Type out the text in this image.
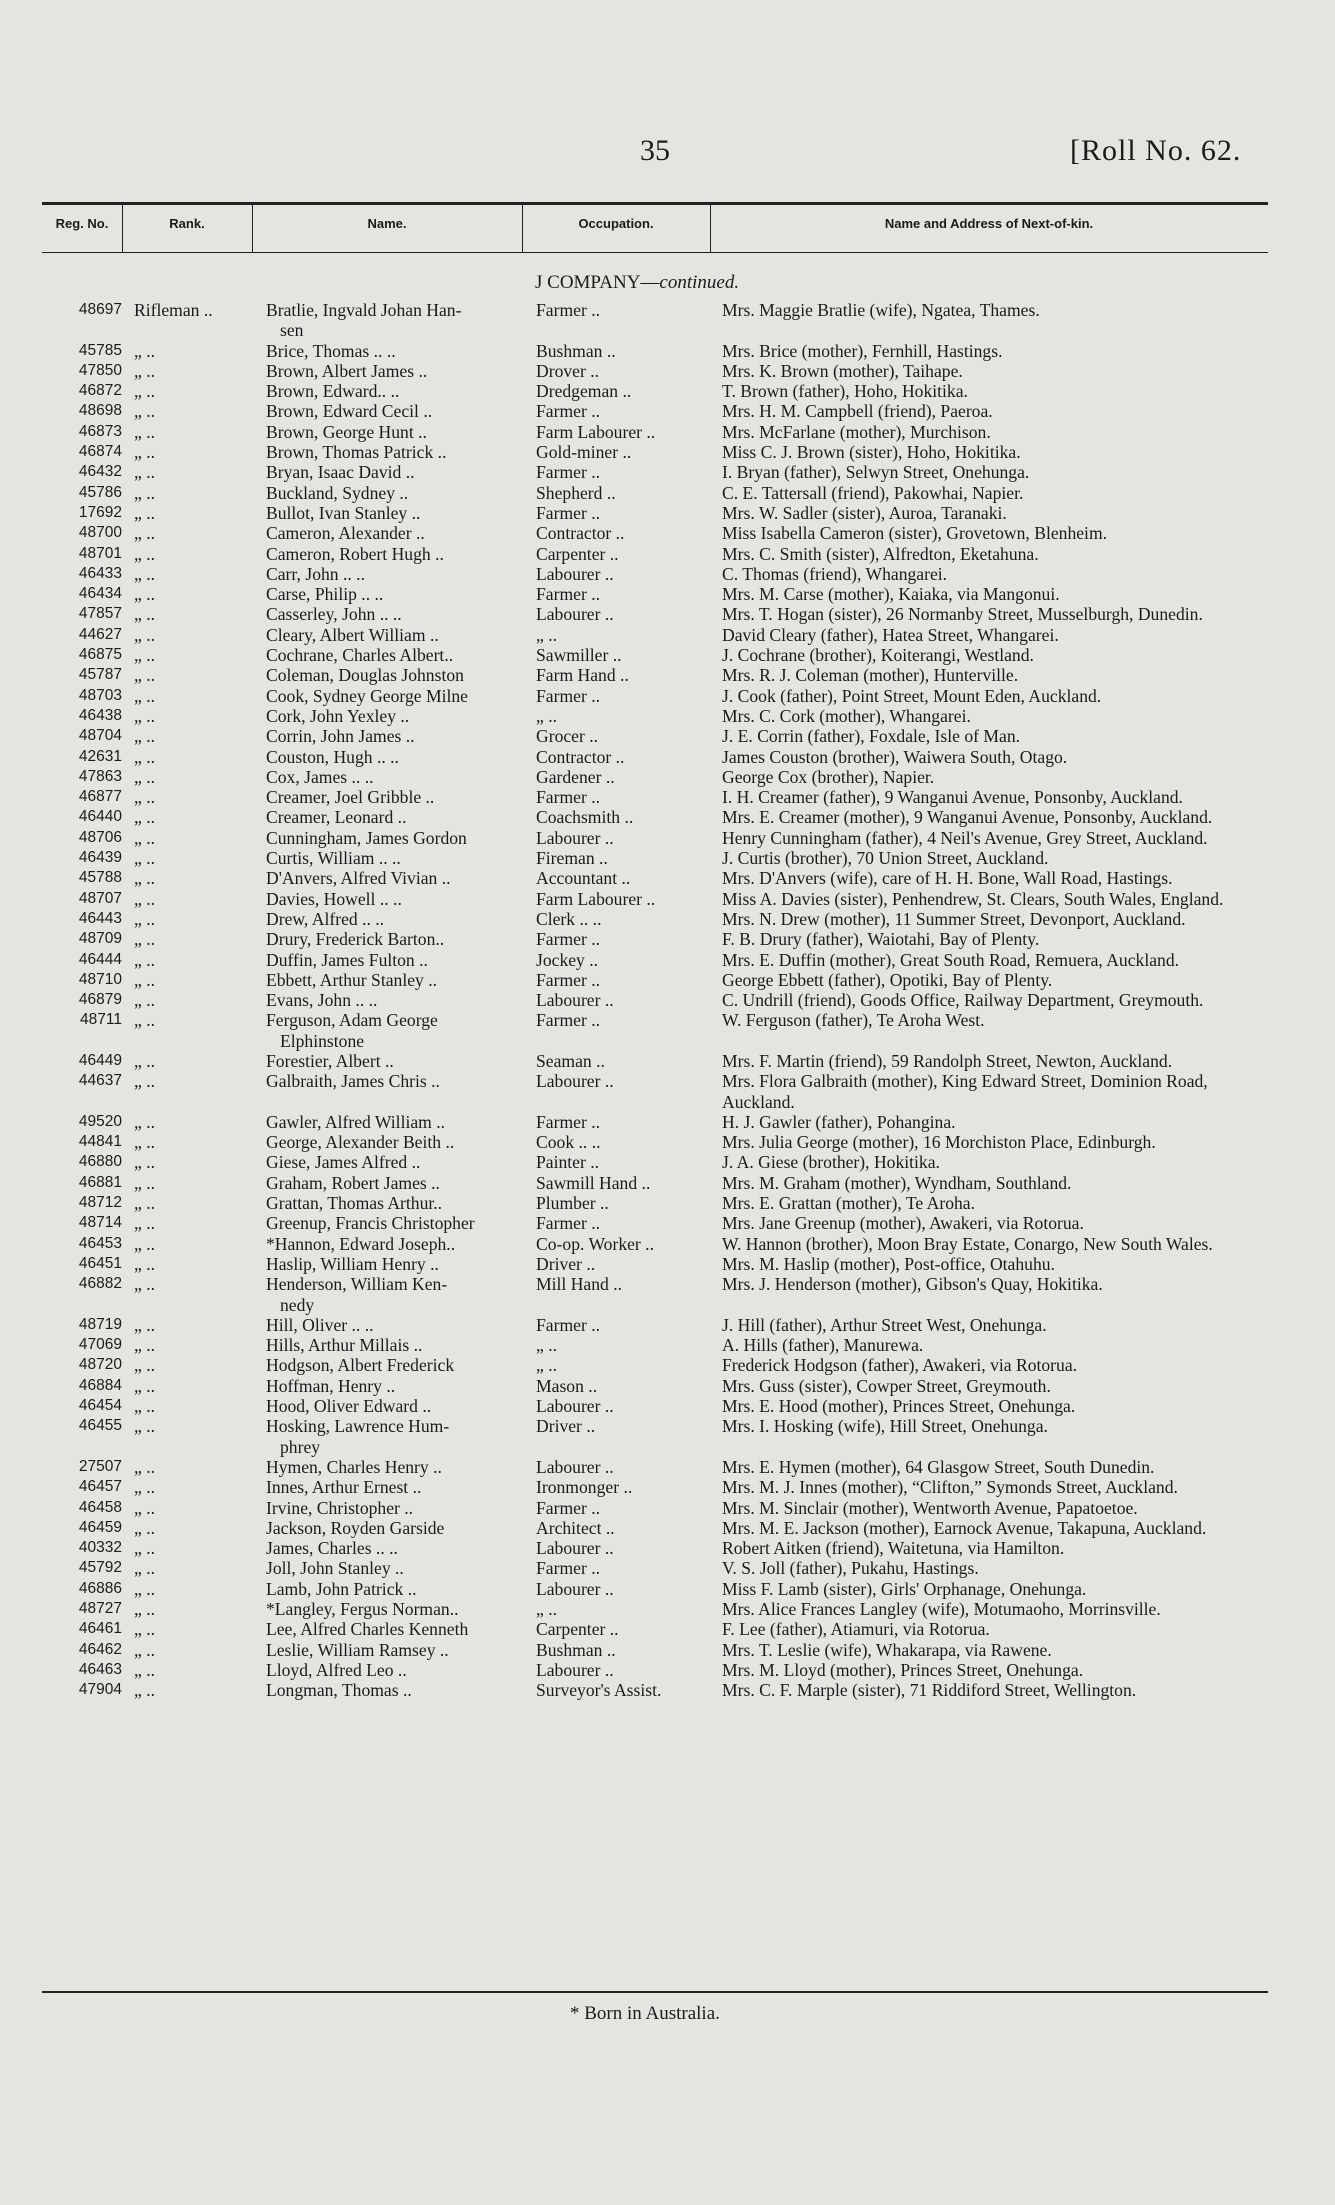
35	[Roll No. 62.
Reg. No.	Rank.	Name.	Occupation.	Name and Address of Next-of-kin.
J COMPANY—continued.
48697 Rifleman ..	Bratlie, Ingvald Johan Han-	Farmer ..	Mrs. Maggie Bratlie (wife), Ngatea, Thames.
sen
45785 „ ..	Brice, Thomas .. ..	Bushman ..	Mrs. Brice (mother), Fernhill, Hastings.
47850 „ ..	Brown, Albert James ..	Drover ..	Mrs. K. Brown (mother), Taihape.
46872 „ ..	Brown, Edward.. ..	Dredgeman ..	T. Brown (father), Hoho, Hokitika.
48698 „ ..	Brown, Edward Cecil ..	Farmer ..	Mrs. H. M. Campbell (friend), Paeroa.
46873 „ ..	Brown, George Hunt ..	Farm Labourer ..	Mrs. McFarlane (mother), Murchison.
46874 „ ..	Brown, Thomas Patrick ..	Gold-miner ..	Miss C. J. Brown (sister), Hoho, Hokitika.
46432 „ ..	Bryan, Isaac David ..	Farmer ..	I. Bryan (father), Selwyn Street, Onehunga.
45786 „ ..	Buckland, Sydney ..	Shepherd ..	C. E. Tattersall (friend), Pakowhai, Napier.
17692 „ ..	Bullot, Ivan Stanley ..	Farmer ..	Mrs. W. Sadler (sister), Auroa, Taranaki.
48700 „ ..	Cameron, Alexander ..	Contractor ..	Miss Isabella Cameron (sister), Grovetown, Blenheim.
48701 „ ..	Cameron, Robert Hugh ..	Carpenter ..	Mrs. C. Smith (sister), Alfredton, Eketahuna.
46433 „ ..	Carr, John .. ..	Labourer ..	C. Thomas (friend), Whangarei.
46434 „ ..	Carse, Philip .. ..	Farmer ..	Mrs. M. Carse (mother), Kaiaka, via Mangonui.
47857 „ ..	Casserley, John .. ..	Labourer ..	Mrs. T. Hogan (sister), 26 Normanby Street, Musselburgh, Dunedin.
44627 „ ..	Cleary, Albert William ..	„ ..	David Cleary (father), Hatea Street, Whangarei.
46875 „ ..	Cochrane, Charles Albert..	Sawmiller ..	J. Cochrane (brother), Koiterangi, Westland.
45787 „ ..	Coleman, Douglas Johnston	Farm Hand ..	Mrs. R. J. Coleman (mother), Hunterville.
48703 „ ..	Cook, Sydney George Milne	Farmer ..	J. Cook (father), Point Street, Mount Eden, Auckland.
46438 „ ..	Cork, John Yexley ..	„ ..	Mrs. C. Cork (mother), Whangarei.
48704 „ ..	Corrin, John James ..	Grocer ..	J. E. Corrin (father), Foxdale, Isle of Man.
42631 „ ..	Couston, Hugh .. ..	Contractor ..	James Couston (brother), Waiwera South, Otago.
47863 „ ..	Cox, James .. ..	Gardener ..	George Cox (brother), Napier.
46877 „ ..	Creamer, Joel Gribble ..	Farmer ..	I. H. Creamer (father), 9 Wanganui Avenue, Ponsonby, Auckland.
46440 „ ..	Creamer, Leonard ..	Coachsmith ..	Mrs. E. Creamer (mother), 9 Wanganui Avenue, Ponsonby, Auckland.
48706 „ ..	Cunningham, James Gordon	Labourer ..	Henry Cunningham (father), 4 Neil's Avenue, Grey Street, Auckland.
46439 „ ..	Curtis, William .. ..	Fireman ..	J. Curtis (brother), 70 Union Street, Auckland.
45788 „ ..	D'Anvers, Alfred Vivian ..	Accountant ..	Mrs. D'Anvers (wife), care of H. H. Bone, Wall Road, Hastings.
48707 „ ..	Davies, Howell .. ..	Farm Labourer ..	Miss A. Davies (sister), Penhendrew, St. Clears, South Wales, England.
46443 „ ..	Drew, Alfred .. ..	Clerk .. ..	Mrs. N. Drew (mother), 11 Summer Street, Devonport, Auckland.
48709 „ ..	Drury, Frederick Barton..	Farmer ..	F. B. Drury (father), Waiotahi, Bay of Plenty.
46444 „ ..	Duffin, James Fulton ..	Jockey ..	Mrs. E. Duffin (mother), Great South Road, Remuera, Auckland.
48710 „ ..	Ebbett, Arthur Stanley ..	Farmer ..	George Ebbett (father), Opotiki, Bay of Plenty.
46879 „ ..	Evans, John .. ..	Labourer ..	C. Undrill (friend), Goods Office, Railway Department, Greymouth.
48711 „ ..	Ferguson, Adam George	Farmer ..	W. Ferguson (father), Te Aroha West.
Elphinstone
46449 „ ..	Forestier, Albert ..	Seaman ..	Mrs. F. Martin (friend), 59 Randolph Street, Newton, Auckland.
44637 „ ..	Galbraith, James Chris ..	Labourer ..	Mrs. Flora Galbraith (mother), King Edward Street, Dominion Road, Auckland.
49520 „ ..	Gawler, Alfred William ..	Farmer ..	H. J. Gawler (father), Pohangina.
44841 „ ..	George, Alexander Beith ..	Cook .. ..	Mrs. Julia George (mother), 16 Morchiston Place, Edinburgh.
46880 „ ..	Giese, James Alfred ..	Painter ..	J. A. Giese (brother), Hokitika.
46881 „ ..	Graham, Robert James ..	Sawmill Hand ..	Mrs. M. Graham (mother), Wyndham, Southland.
48712 „ ..	Grattan, Thomas Arthur..	Plumber ..	Mrs. E. Grattan (mother), Te Aroha.
48714 „ ..	Greenup, Francis Christopher	Farmer ..	Mrs. Jane Greenup (mother), Awakeri, via Rotorua.
46453 „ ..	*Hannon, Edward Joseph..	Co-op. Worker ..	W. Hannon (brother), Moon Bray Estate, Conargo, New South Wales.
46451 „ ..	Haslip, William Henry ..	Driver ..	Mrs. M. Haslip (mother), Post-office, Otahuhu.
46882 „ ..	Henderson, William Ken-	Mill Hand ..	Mrs. J. Henderson (mother), Gibson's Quay, Hokitika.
nedy
48719 „ ..	Hill, Oliver .. ..	Farmer ..	J. Hill (father), Arthur Street West, Onehunga.
47069 „ ..	Hills, Arthur Millais ..	„ ..	A. Hills (father), Manurewa.
48720 „ ..	Hodgson, Albert Frederick	„ ..	Frederick Hodgson (father), Awakeri, via Rotorua.
46884 „ ..	Hoffman, Henry ..	Mason ..	Mrs. Guss (sister), Cowper Street, Greymouth.
46454 „ ..	Hood, Oliver Edward ..	Labourer ..	Mrs. E. Hood (mother), Princes Street, Onehunga.
46455 „ ..	Hosking, Lawrence Hum-	Driver ..	Mrs. I. Hosking (wife), Hill Street, Onehunga.
phrey
27507 „ ..	Hymen, Charles Henry ..	Labourer ..	Mrs. E. Hymen (mother), 64 Glasgow Street, South Dunedin.
46457 „ ..	Innes, Arthur Ernest ..	Ironmonger ..	Mrs. M. J. Innes (mother), “Clifton,” Symonds Street, Auckland.
46458 „ ..	Irvine, Christopher ..	Farmer ..	Mrs. M. Sinclair (mother), Wentworth Avenue, Papatoetoe.
46459 „ ..	Jackson, Royden Garside	Architect ..	Mrs. M. E. Jackson (mother), Earnock Avenue, Takapuna, Auckland.
40332 „ ..	James, Charles .. ..	Labourer ..	Robert Aitken (friend), Waitetuna, via Hamilton.
45792 „ ..	Joll, John Stanley ..	Farmer ..	V. S. Joll (father), Pukahu, Hastings.
46886 „ ..	Lamb, John Patrick ..	Labourer ..	Miss F. Lamb (sister), Girls' Orphanage, Onehunga.
48727 „ ..	*Langley, Fergus Norman..	„ ..	Mrs. Alice Frances Langley (wife), Motumaoho, Morrinsville.
46461 „ ..	Lee, Alfred Charles Kenneth	Carpenter ..	F. Lee (father), Atiamuri, via Rotorua.
46462 „ ..	Leslie, William Ramsey ..	Bushman ..	Mrs. T. Leslie (wife), Whakarapa, via Rawene.
46463 „ ..	Lloyd, Alfred Leo ..	Labourer ..	Mrs. M. Lloyd (mother), Princes Street, Onehunga.
47904 „ ..	Longman, Thomas ..	Surveyor's Assist.	Mrs. C. F. Marple (sister), 71 Riddiford Street, Wellington.
* Born in Australia.
